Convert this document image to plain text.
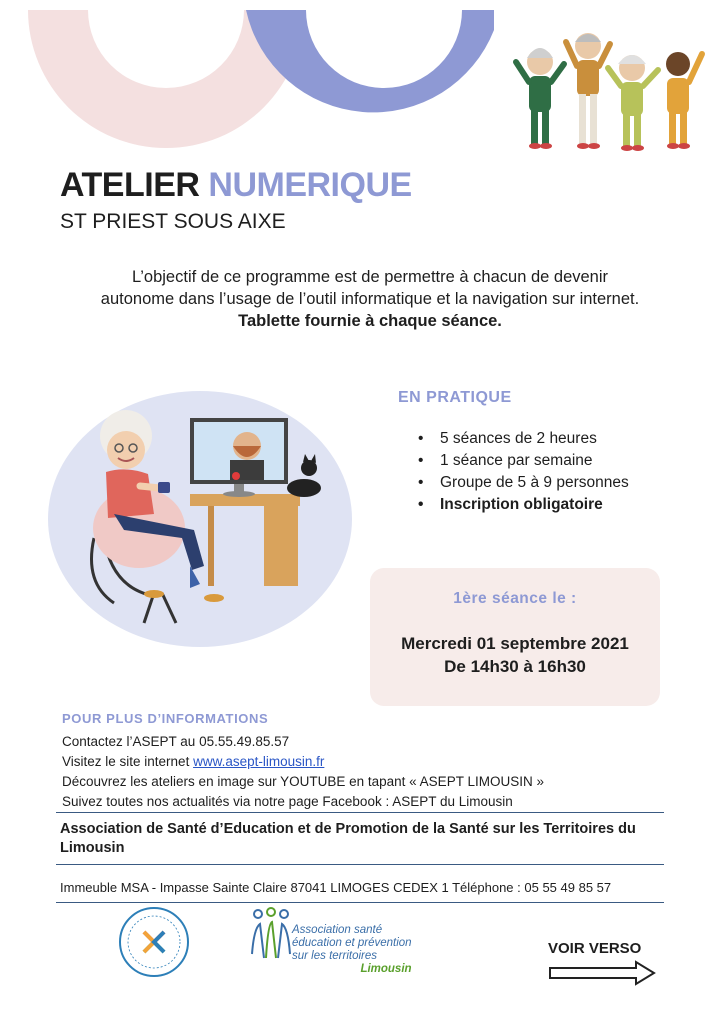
ATELIER NUMERIQUE
ST PRIEST SOUS AIXE
L’objectif de ce programme est de permettre à chacun de devenir
autonome dans l’usage de l’outil informatique et la navigation sur internet.
Tablette fournie à chaque séance.
EN PRATIQUE
• 5 séances de 2 heures
• 1 séance par semaine
• Groupe de 5 à 9 personnes
• Inscription obligatoire
1ère séance le :
Mercredi 01 septembre 2021
De 14h30 à 16h30
POUR PLUS D’INFORMATIONS
Contactez l’ASEPT au 05.55.49.85.57
Visitez le site internet www.asept-limousin.fr
Découvrez les ateliers en image sur YOUTUBE en tapant « ASEPT LIMOUSIN »
Suivez toutes nos actualités via notre page Facebook : ASEPT du Limousin
Association de Santé d’Education et de Promotion de la Santé sur les Territoires du Limousin
Immeuble MSA - Impasse Sainte Claire 87041 LIMOGES CEDEX 1 Téléphone : 05 55 49 85 57
Association santé
éducation et prévention
sur les territoires
Limousin
VOIR VERSO
